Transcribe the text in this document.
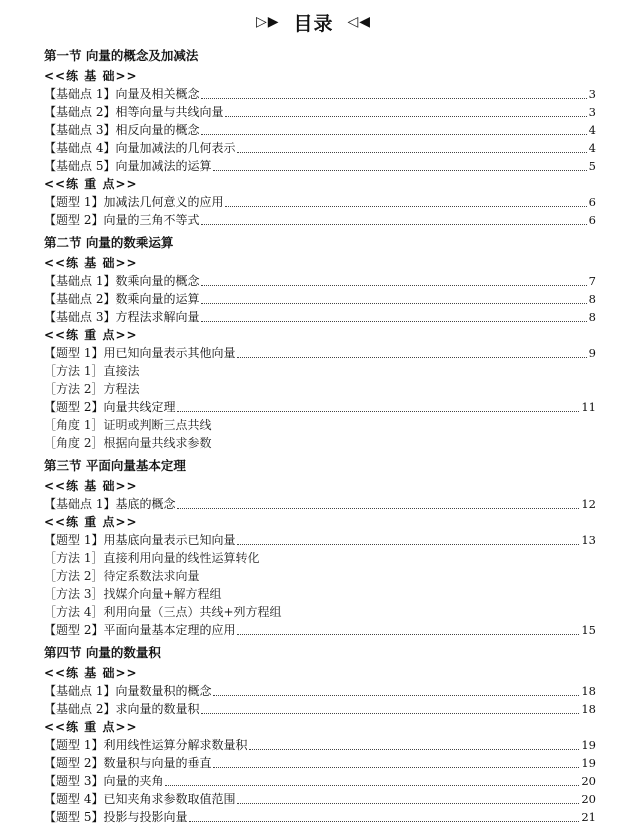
▷▶ 目录 ◁◀
第一节 向量的概念及加减法
<<练 基 础>>
【基础点 1】向量及相关概念	3
【基础点 2】相等向量与共线向量	3
【基础点 3】相反向量的概念	4
【基础点 4】向量加减法的几何表示	4
【基础点 5】向量加减法的运算	5
<<练 重 点>>
【题型 1】加减法几何意义的应用	6
【题型 2】向量的三角不等式	6
第二节 向量的数乘运算
<<练 基 础>>
【基础点 1】数乘向量的概念	7
【基础点 2】数乘向量的运算	8
【基础点 3】方程法求解向量	8
<<练 重 点>>
【题型 1】用已知向量表示其他向量	9
［方法 1］直接法
［方法 2］方程法
【题型 2】向量共线定理	11
［角度 1］证明或判断三点共线
［角度 2］根据向量共线求参数
第三节 平面向量基本定理
<<练 基 础>>
【基础点 1】基底的概念	12
<<练 重 点>>
【题型 1】用基底向量表示已知向量	13
［方法 1］直接利用向量的线性运算转化
［方法 2］待定系数法求向量
［方法 3］找媒介向量+解方程组
［方法 4］利用向量（三点）共线+列方程组
【题型 2】平面向量基本定理的应用	15
第四节 向量的数量积
<<练 基 础>>
【基础点 1】向量数量积的概念	18
【基础点 2】求向量的数量积	18
<<练 重 点>>
【题型 1】利用线性运算分解求数量积	19
【题型 2】数量积与向量的垂直	19
【题型 3】向量的夹角	20
【题型 4】已知夹角求参数取值范围	20
【题型 5】投影与投影向量	21
